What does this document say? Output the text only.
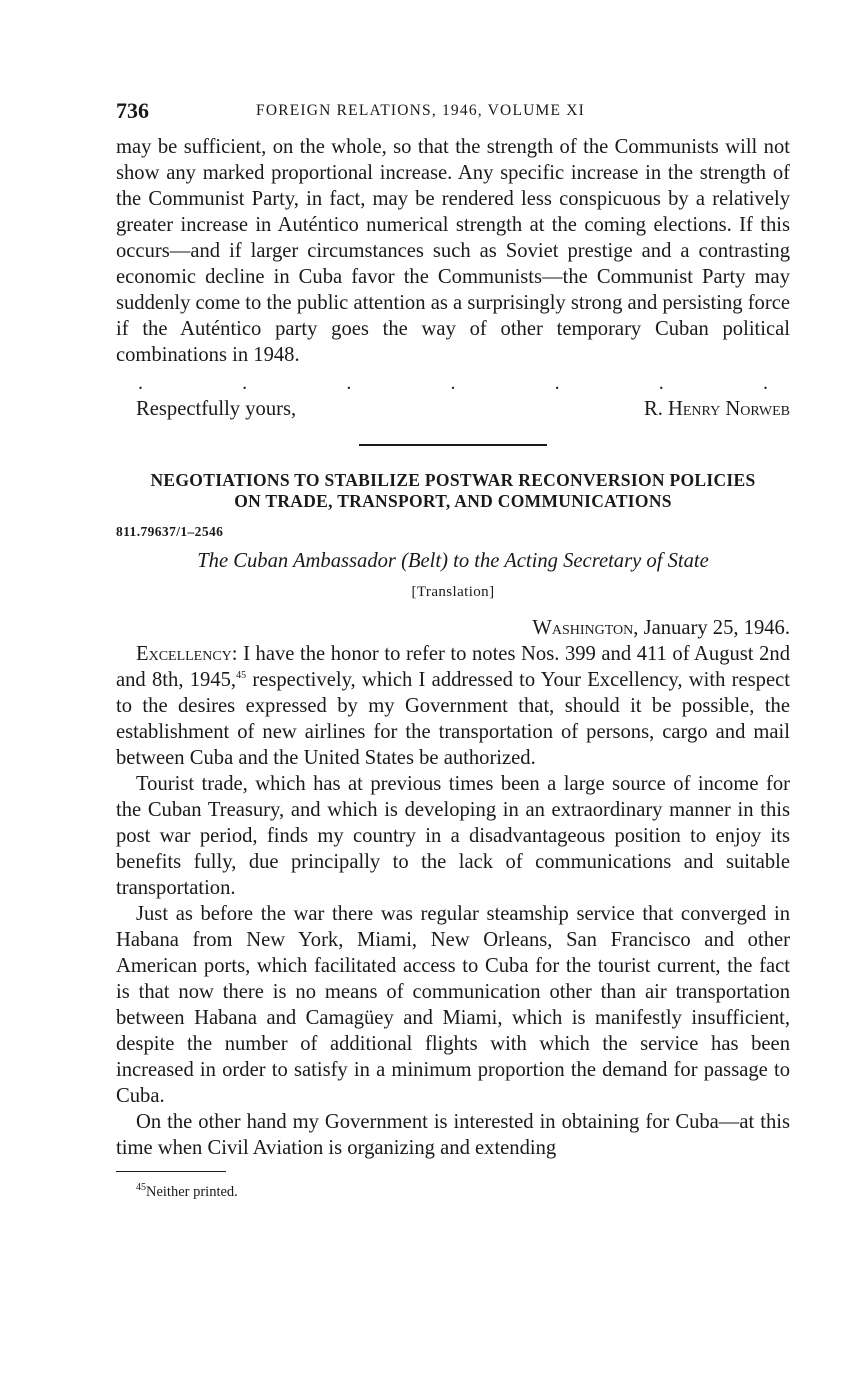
736	FOREIGN RELATIONS, 1946, VOLUME XI

may be sufficient, on the whole, so that the strength of the Communists will not show any marked proportional increase. Any specific increase in the strength of the Communist Party, in fact, may be rendered less conspicuous by a relatively greater increase in Auténtico numerical strength at the coming elections. If this occurs—and if larger circumstances such as Soviet prestige and a contrasting economic decline in Cuba favor the Communists—the Communist Party may suddenly come to the public attention as a surprisingly strong and persisting force if the Auténtico party goes the way of other temporary Cuban political combinations in 1948.

.	.	.	.	.	.	.
Respectfully yours,	R. Henry Norweb
NEGOTIATIONS TO STABILIZE POSTWAR RECONVERSION POLICIES
ON TRADE, TRANSPORT, AND COMMUNICATIONS
811.79637/1–2546
The Cuban Ambassador (Belt) to the Acting Secretary of State
[Translation]
Washington, January 25, 1946.

Excellency: I have the honor to refer to notes Nos. 399 and 411 of August 2nd and 8th, 1945,45 respectively, which I addressed to Your Excellency, with respect to the desires expressed by my Government that, should it be possible, the establishment of new airlines for the transportation of persons, cargo and mail between Cuba and the United States be authorized.

Tourist trade, which has at previous times been a large source of income for the Cuban Treasury, and which is developing in an extraordinary manner in this post war period, finds my country in a disadvantageous position to enjoy its benefits fully, due principally to the lack of communications and suitable transportation.

Just as before the war there was regular steamship service that converged in Habana from New York, Miami, New Orleans, San Francisco and other American ports, which facilitated access to Cuba for the tourist current, the fact is that now there is no means of communication other than air transportation between Habana and Camagüey and Miami, which is manifestly insufficient, despite the number of additional flights with which the service has been increased in order to satisfy in a minimum proportion the demand for passage to Cuba.

On the other hand my Government is interested in obtaining for Cuba—at this time when Civil Aviation is organizing and extending

$^{45}$Neither printed.
